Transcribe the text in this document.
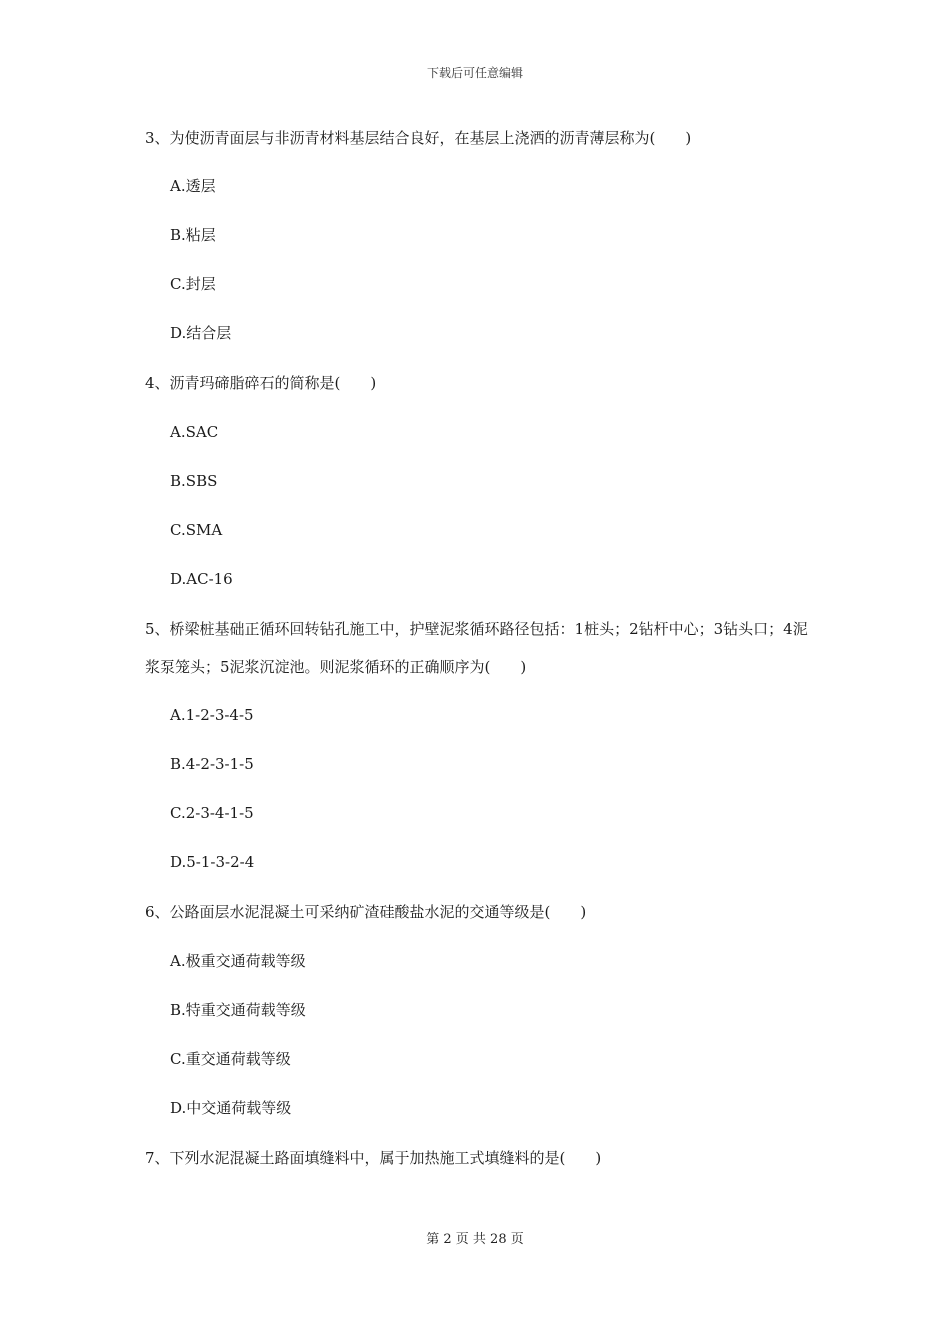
下载后可任意编辑
3、为使沥青面层与非沥青材料基层结合良好，在基层上浇洒的沥青薄层称为(　　)
A.透层
B.粘层
C.封层
D.结合层
4、沥青玛碲脂碎石的简称是(　　)
A.SAC
B.SBS
C.SMA
D.AC-16
5、桥梁桩基础正循环回转钻孔施工中，护壁泥浆循环路径包括：1桩头；2钻杆中心；3钻头口；4泥浆泵笼头；5泥浆沉淀池。则泥浆循环的正确顺序为(　　)
A.1-2-3-4-5
B.4-2-3-1-5
C.2-3-4-1-5
D.5-1-3-2-4
6、公路面层水泥混凝土可采纳矿渣硅酸盐水泥的交通等级是(　　)
A.极重交通荷载等级
B.特重交通荷载等级
C.重交通荷载等级
D.中交通荷载等级
7、下列水泥混凝土路面填缝料中，属于加热施工式填缝料的是(　　)
第 2 页 共 28 页
